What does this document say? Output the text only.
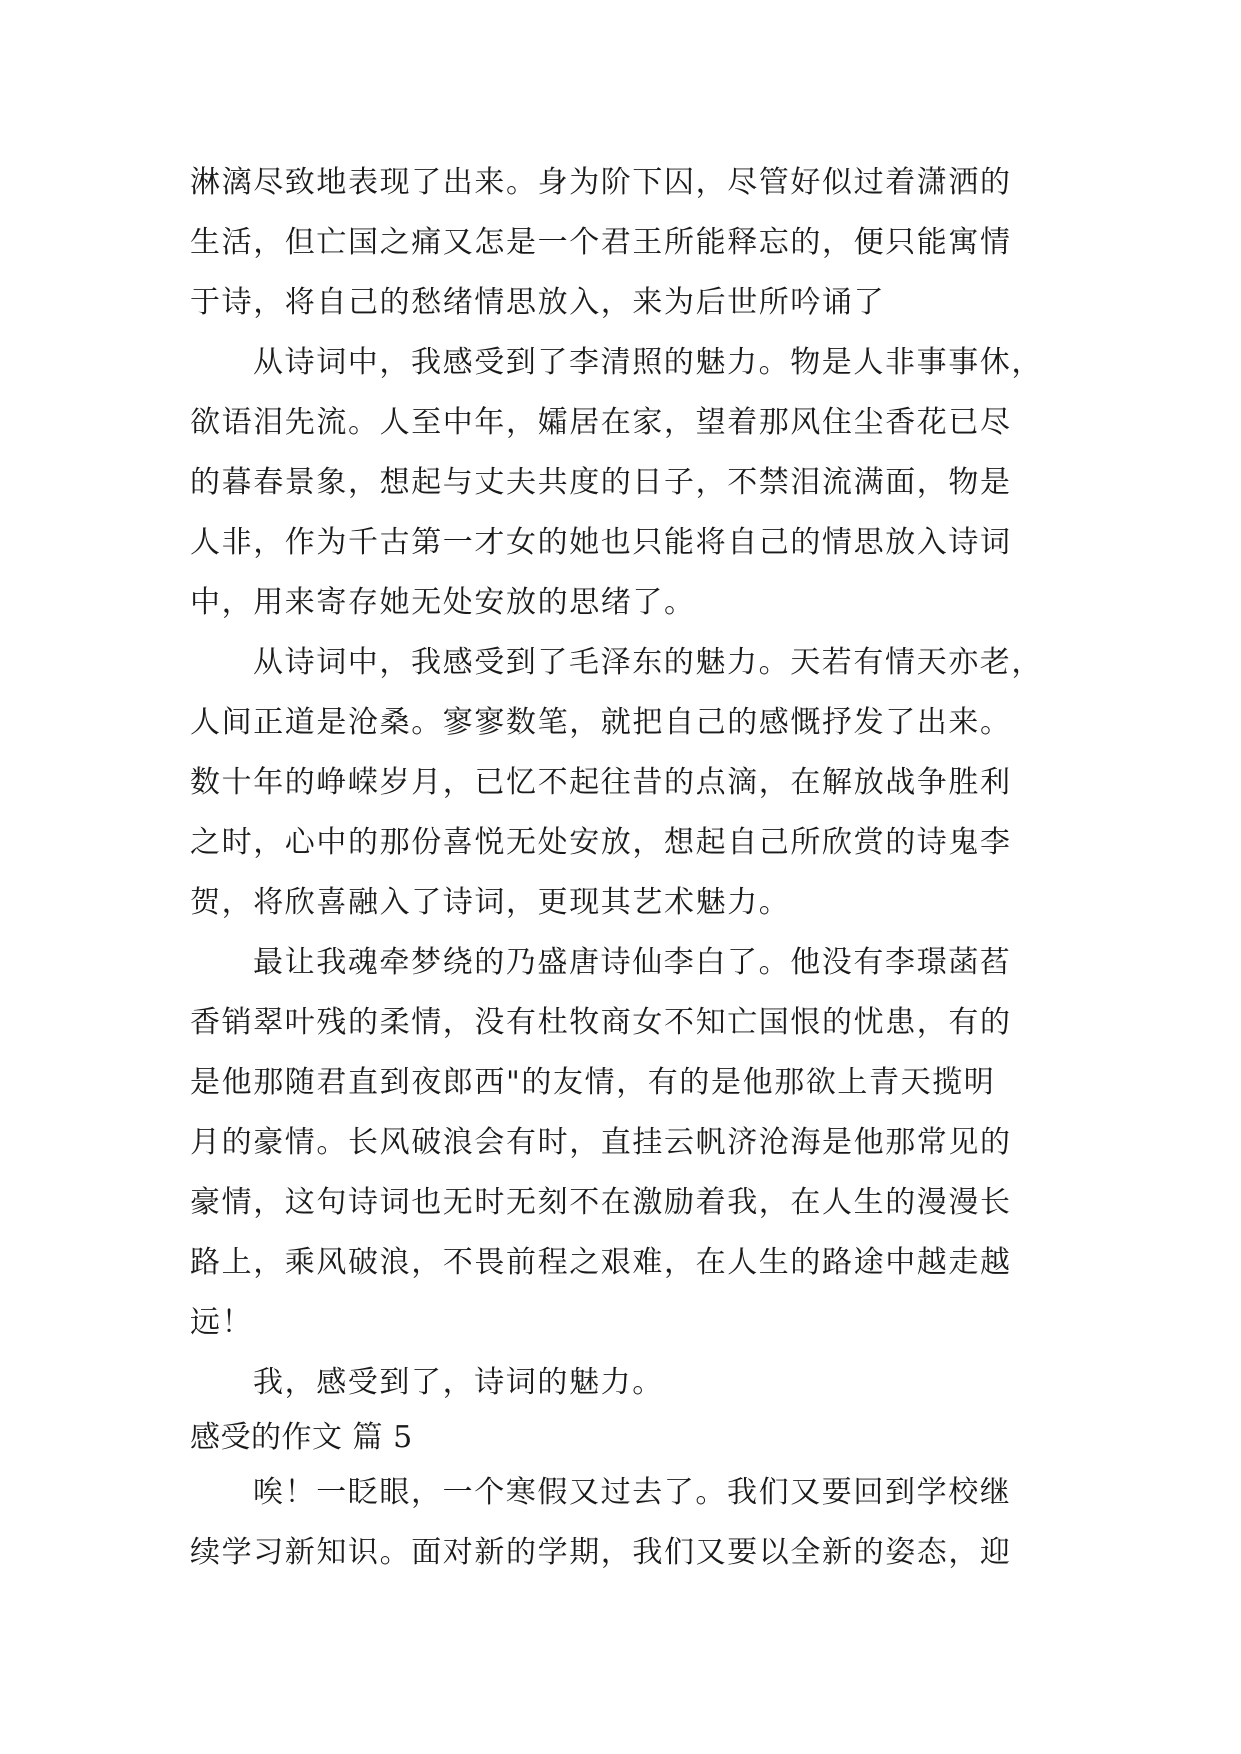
淋漓尽致地表现了出来。身为阶下囚，尽管好似过着潇洒的
生活，但亡国之痛又怎是一个君王所能释忘的，便只能寓情
于诗，将自己的愁绪情思放入，来为后世所吟诵了
从诗词中，我感受到了李清照的魅力。物是人非事事休，
欲语泪先流。人至中年，孀居在家，望着那风住尘香花已尽
的暮春景象，想起与丈夫共度的日子，不禁泪流满面，物是
人非，作为千古第一才女的她也只能将自己的情思放入诗词
中，用来寄存她无处安放的思绪了。
从诗词中，我感受到了毛泽东的魅力。天若有情天亦老，
人间正道是沧桑。寥寥数笔，就把自己的感慨抒发了出来。
数十年的峥嵘岁月，已忆不起往昔的点滴，在解放战争胜利
之时，心中的那份喜悦无处安放，想起自己所欣赏的诗鬼李
贺，将欣喜融入了诗词，更现其艺术魅力。
最让我魂牵梦绕的乃盛唐诗仙李白了。他没有李璟菡萏
香销翠叶残的柔情，没有杜牧商女不知亡国恨的忧患，有的
是他那随君直到夜郎西"的友情，有的是他那欲上青天揽明
月的豪情。长风破浪会有时，直挂云帆济沧海是他那常见的
豪情，这句诗词也无时无刻不在激励着我，在人生的漫漫长
路上，乘风破浪，不畏前程之艰难，在人生的路途中越走越
远！
我，感受到了，诗词的魅力。
感受的作文 篇 5
唉！一眨眼，一个寒假又过去了。我们又要回到学校继
续学习新知识。面对新的学期，我们又要以全新的姿态，迎
